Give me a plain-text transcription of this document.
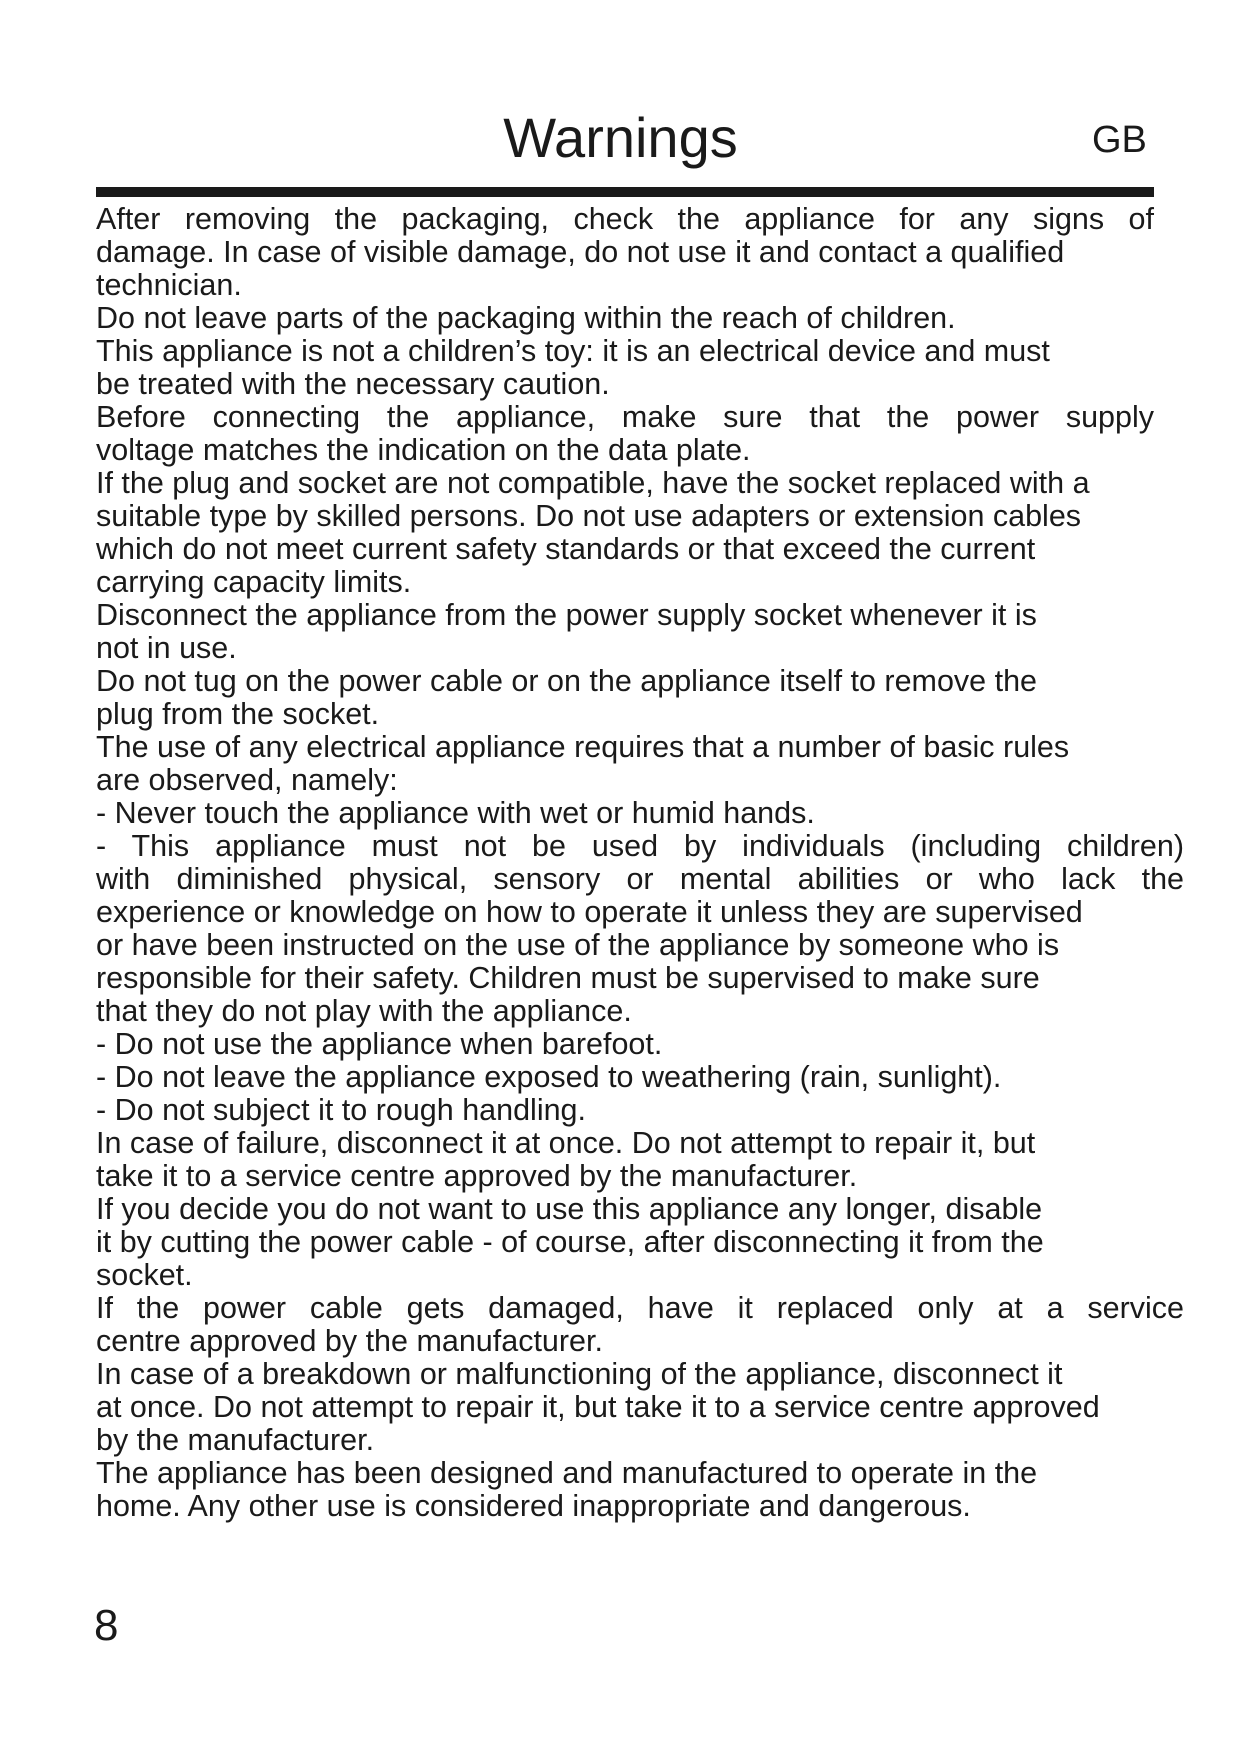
Warnings	GB
After removing the packaging, check the appliance for any signs of
damage. In case of visible damage, do not use it and contact a qualified
technician.
Do not leave parts of the packaging within the reach of children.
This appliance is not a children’s toy: it is an electrical device and must
be treated with the necessary caution.
Before connecting the appliance, make sure that the power supply
voltage matches the indication on the data plate.
If the plug and socket are not compatible, have the socket replaced with a
suitable type by skilled persons. Do not use adapters or extension cables
which do not meet current safety standards or that exceed the current
carrying capacity limits.
Disconnect the appliance from the power supply socket whenever it is
not in use.
Do not tug on the power cable or on the appliance itself to remove the
plug from the socket.
The use of any electrical appliance requires that a number of basic rules
are observed, namely:
- Never touch the appliance with wet or humid hands.
- This appliance must not be used by individuals (including children)
with diminished physical, sensory or mental abilities or who lack the
experience or knowledge on how to operate it unless they are supervised
or have been instructed on the use of the appliance by someone who is
responsible for their safety. Children must be supervised to make sure
that they do not play with the appliance.
- Do not use the appliance when barefoot.
- Do not leave the appliance exposed to weathering (rain, sunlight).
- Do not subject it to rough handling.
In case of failure, disconnect it at once. Do not attempt to repair it, but
take it to a service centre approved by the manufacturer.
If you decide you do not want to use this appliance any longer, disable
it by cutting the power cable - of course, after disconnecting it from the
socket.
If the power cable gets damaged, have it replaced only at a service
centre approved by the manufacturer.
In case of a breakdown or malfunctioning of the appliance, disconnect it
at once. Do not attempt to repair it, but take it to a service centre approved
by the manufacturer.
The appliance has been designed and manufactured to operate in the
home. Any other use is considered inappropriate and dangerous.
8
